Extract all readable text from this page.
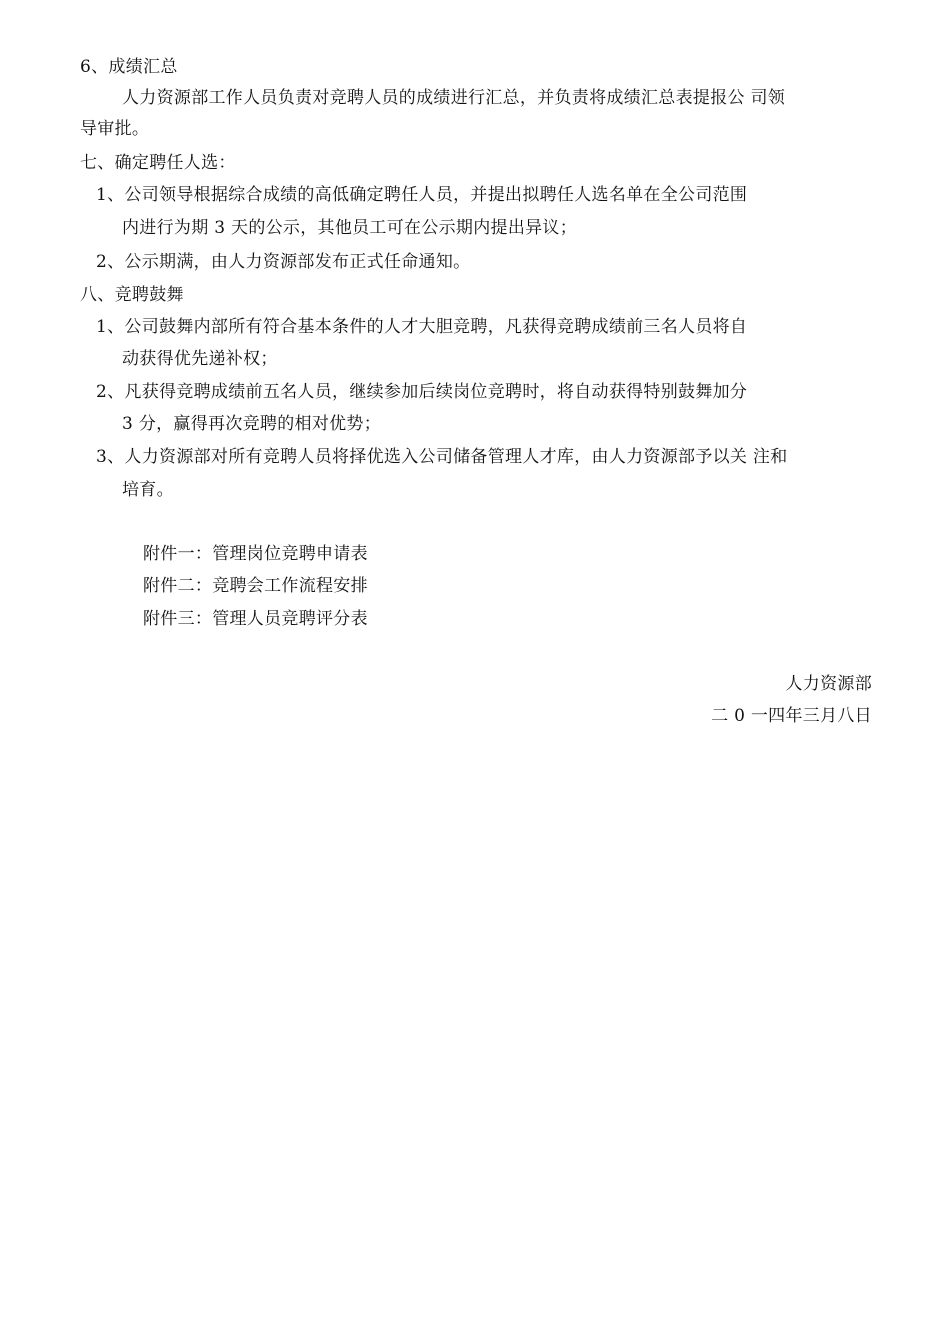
6、成绩汇总
人力资源部工作人员负责对竞聘人员的成绩进行汇总，并负责将成绩汇总表提报公 司领
导审批。
七、确定聘任人选：
1、公司领导根据综合成绩的高低确定聘任人员，并提出拟聘任人选名单在全公司范围
内进行为期 3 天的公示，其他员工可在公示期内提出异议；
2、公示期满，由人力资源部发布正式任命通知。
八、竞聘鼓舞
1、公司鼓舞内部所有符合基本条件的人才大胆竞聘，凡获得竞聘成绩前三名人员将自
动获得优先递补权；
2、凡获得竞聘成绩前五名人员，继续参加后续岗位竞聘时，将自动获得特别鼓舞加分
3 分，赢得再次竞聘的相对优势；
3、人力资源部对所有竞聘人员将择优选入公司储备管理人才库，由人力资源部予以关 注和
培育。
附件一：管理岗位竞聘申请表
附件二：竞聘会工作流程安排
附件三：管理人员竞聘评分表
人力资源部
二 0 一四年三月八日
